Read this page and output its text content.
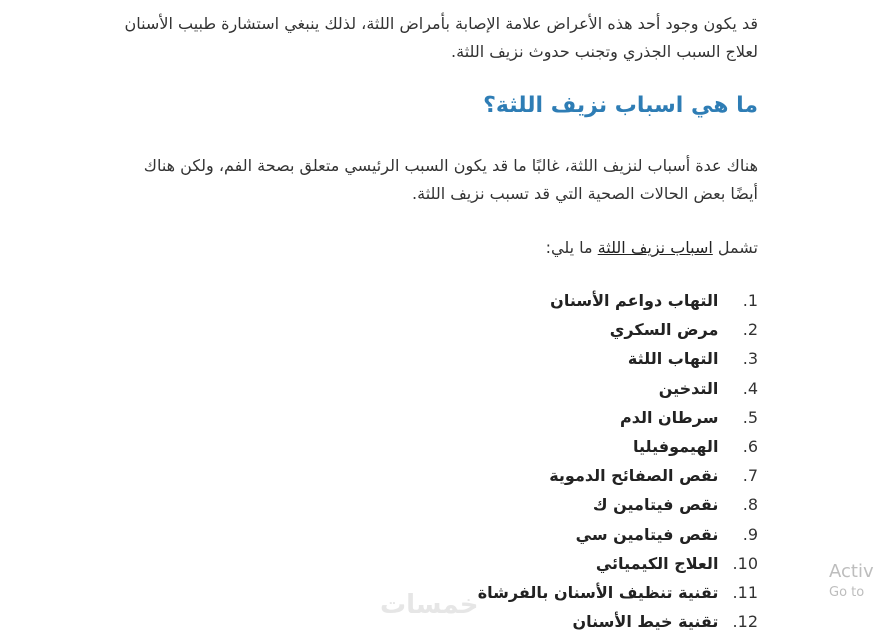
قد يكون وجود أحد هذه الأعراض علامة الإصابة بأمراض اللثة، لذلك ينبغي استشارة طبيب الأسنان لعلاج السبب الجذري وتجنب حدوث نزيف اللثة.

ما هي اسباب نزيف اللثة؟

هناك عدة أسباب لنزيف اللثة، غالبًا ما قد يكون السبب الرئيسي متعلق بصحة الفم، ولكن هناك أيضًا بعض الحالات الصحية التي قد تسبب نزيف اللثة.

تشمل اسباب نزيف اللثة ما يلي:

1. التهاب دواعم الأسنان
2. مرض السكري
3. التهاب اللثة
4. التدخين
5. سرطان الدم
6. الهيموفيليا
7. نقص الصفائح الدموية
8. نقص فيتامين ك
9. نقص فيتامين سي
10. العلاج الكيميائي
11. تقنية تنظيف الأسنان بالفرشاة
12. تقنية خيط الأسنان
خمسات
Activ
Go to
